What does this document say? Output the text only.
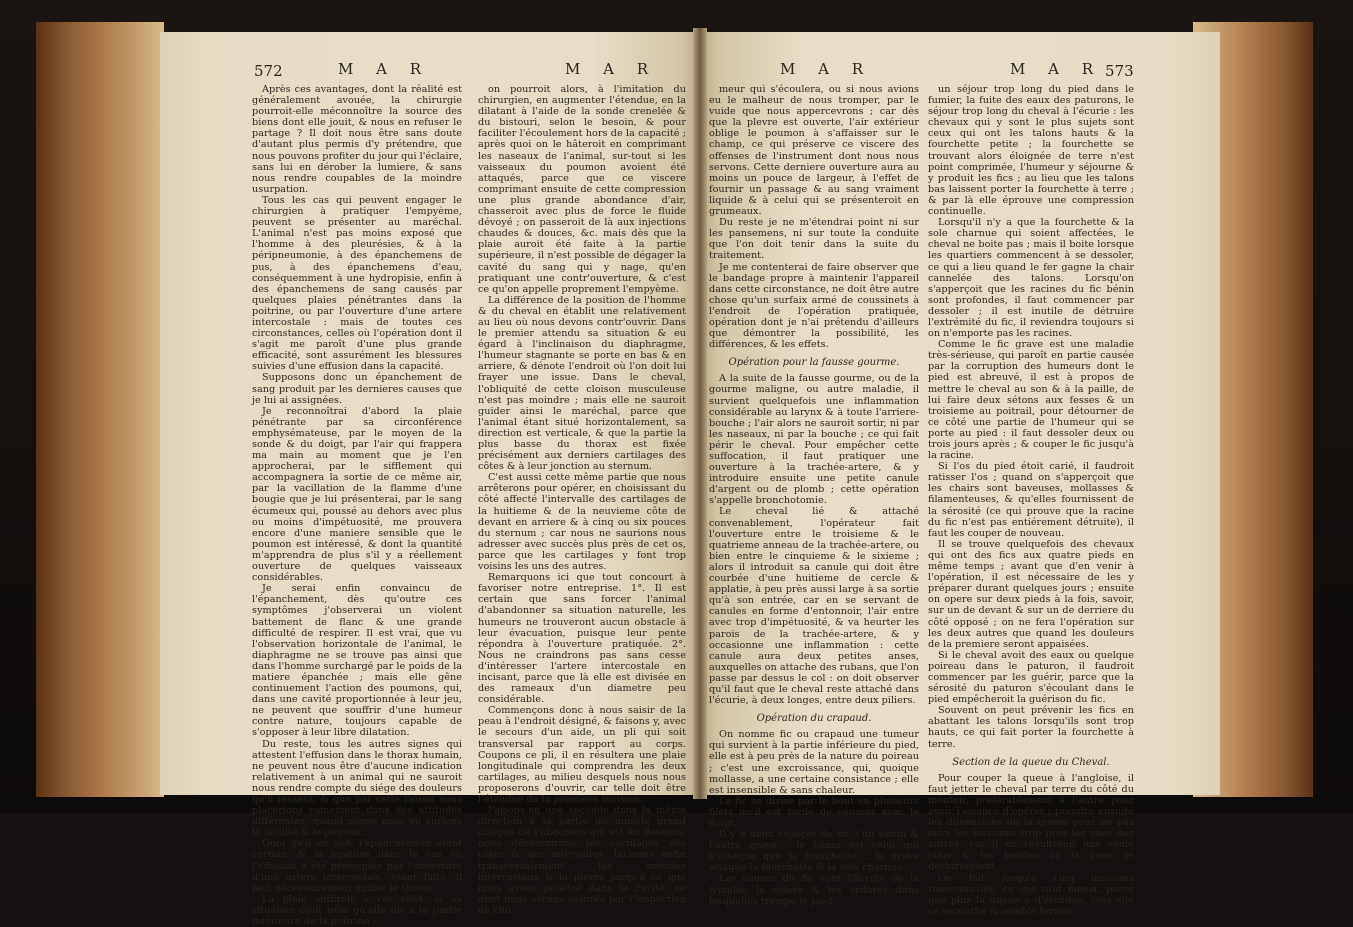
572	M A R	M A R	M A R	M A R 573

Après ces avantages, dont la réalité est généralement avouée, la chirurgie pourroit-elle méconnoître la source des biens dont elle jouit, & nous en refuser le partage ? Il doit nous être sans doute d'autant plus permis d'y prétendre, que nous pouvons profiter du jour qui l'éclaire, sans lui en dérober la lumiere, & sans nous rendre coupables de la moindre usurpation.

Tous les cas qui peuvent engager le chirurgien à pratiquer l'empyème, peuvent se présenter au maréchal. L'animal n'est pas moins exposé que l'homme à des pleurésies, & à la péripneumonie, à des épanchemens de pus, à des épanchemens d'eau, conséquemment à une hydropisie, enfin à des épanchemens de sang causés par quelques plaies pénétrantes dans la poitrine, ou par l'ouverture d'une artere intercostale : mais de toutes ces circonstances, celles où l'opération dont il s'agit me paroît d'une plus grande efficacité, sont assurément les blessures suivies d'une effusion dans la capacité.

Supposons donc un épanchement de sang produit par les dernieres causes que je lui ai assignées.

Je reconnoîtrai d'abord la plaie pénétrante par sa circonférence emphysémateuse, par le moyen de la sonde & du doigt, par l'air qui frappera ma main au moment que je l'en approcherai, par le sifflement qui accompagnera la sortie de ce même air, par la vacillation de la flamme d'une bougie que je lui présenterai, par le sang écumeux qui, poussé au dehors avec plus ou moins d'impétuosité, me prouvera encore d'une maniere sensible que le poumon est intéressé, & dont la quantité m'apprendra de plus s'il y a réellement ouverture de quelques vaisseaux considérables.

Je serai enfin convaincu de l'épanchement, dès qu'outre ces symptômes j'observerai un violent battement de flanc & une grande difficulté de respirer. Il est vrai, que vu l'observation horizontale de l'animal, le diaphragme ne se trouve pas ainsi que dans l'homme surchargé par le poids de la matiere épanchée ; mais elle gêne continuement l'action des poumons, qui, dans une cavité proportionnée à leur jeu, ne peuvent que souffrir d'une humeur contre nature, toujours capable de s'opposer à leur libre dilatation.

Du reste, tous les autres signes qui attestent l'effusion dans le thorax humain, ne peuvent nous être d'aucune indication relativement à un animal qui ne sauroit nous rendre compte du siége des douleurs qu'il ressent, & que par cette raison nous placerions vainement dans des attitudes différentes, quand même nous en aurions la facilité & le pouvoir.

Quoi qu'il en soit, l'épanchement étant certain, & la ligature dans le cas où l'effusion a été provoquée par l'ouverture d'une artere intercostale, étant faite, il faut nécessairement vuider le thorax.

La plaie suffiroit à cet effet, si sa situation étoit telle qu'elle fût à la partie inférieure de la poitrine ;

on pourroit alors, à l'imitation du chirurgien, en augmenter l'étendue, en la dilatant à l'aide de la sonde crenelée & du bistouri, selon le besoin, & pour faciliter l'écoulement hors de la capacité ; après quoi on le hâteroit en comprimant les naseaux de l'animal, sur-tout si les vaisseaux du poumon avoient été attaqués, parce que ce viscere comprimant ensuite de cette compression une plus grande abondance d'air, chasseroit avec plus de force le fluide dévoyé ; on passeroit de là aux injections chaudes & douces, &c. mais dès que la plaie auroit été faite à la partie supérieure, il n'est possible de dégager la cavité du sang qui y nage, qu'en pratiquant une contr'ouverture, & c'est ce qu'on appelle proprement l'empyème.

La différence de la position de l'homme & du cheval en établit une relativement au lieu où nous devons contr'ouvrir. Dans le premier attendu sa situation & eu égard à l'inclinaison du diaphragme, l'humeur stagnante se porte en bas & en arriere, & dénote l'endroit où l'on doit lui frayer une issue. Dans le cheval, l'obliquité de cette cloison musculeuse n'est pas moindre ; mais elle ne sauroit guider ainsi le maréchal, parce que l'animal étant situé horizontalement, sa direction est verticale, & que la partie la plus basse du thorax est fixée précisément aux derniers cartilages des côtes & à leur jonction au sternum.

C'est aussi cette même partie que nous arrêterons pour opérer, en choisissant du côté affecté l'intervalle des cartilages de la huitieme & de la neuvieme côte de devant en arriere & à cinq ou six pouces du sternum ; car nous ne saurions nous adresser avec succès plus près de cet os, parce que les cartilages y font trop voisins les uns des autres.

Remarquons ici que tout concourt à favoriser notre entreprise. 1°. Il est certain que sans forcer l'animal d'abandonner sa situation naturelle, les humeurs ne trouveront aucun obstacle à leur évacuation, puisque leur pente répondra à l'ouverture pratiquée. 2°. Nous ne craindrons pas sans cesse d'intéresser l'artere intercostale en incisant, parce que là elle est divisée en des rameaux d'un diametre peu considérable.

Commençons donc à nous saisir de la peau à l'endroit désigné, & faisons y, avec le secours d'un aide, un pli qui soit transversal par rapport au corps. Coupons ce pli, il en résultera une plaie longitudinale qui comprendra les deux cartilages, au milieu desquels nous nous proposerons d'ouvrir, car telle doit être l'étendue de la premiere incision.

Faisons-en une seconde dans la même direction à la partie du muscle grand oblique de l'abdomen qui est au dessous, nous découvrirons les cartilages des côtes & des intervalles. Incisons enfin transversalement les muscles intercostaux & la plevre jusqu'à ce que nous ayons pénétré dans la cavité, ce dont nous serons assurés par l'inspection de l'hu-

meur qui s'écoulera, ou si nous avions eu le malheur de nous tromper, par le vuide que nous appercevrons ; car dès que la plevre est ouverte, l'air extérieur oblige le poumon à s'affaisser sur le champ, ce qui préserve ce viscere des offenses de l'instrument dont nous nous servons. Cette derniere ouverture aura au moins un pouce de largeur, à l'effet de fournir un passage & au sang vraiment liquide & à celui qui se présenteroit en grumeaux.

Du reste je ne m'étendrai point ni sur les pansemens, ni sur toute la conduite que l'on doit tenir dans la suite du traitement.

Je me contenterai de faire observer que le bandage propre à maintenir l'appareil dans cette circonstance, ne doit être autre chose qu'un surfaix armé de coussinets à l'endroit de l'opération pratiquée, opération dont je n'ai prétendu d'ailleurs que démontrer la possibilité, les différences, & les effets.

Opération pour la fausse gourme.

A la suite de la fausse gourme, ou de la gourme maligne, ou autre maladie, il survient quelquefois une inflammation considérable au larynx & à toute l'arriere-bouche ; l'air alors ne sauroit sortir, ni par les naseaux, ni par la bouche ; ce qui fait périr le cheval. Pour empêcher cette suffocation, il faut pratiquer une ouverture à la trachée-artere, & y introduire ensuite une petite canule d'argent ou de plomb ; cette opération s'appelle bronchotomie.

Le cheval lié & attaché convenablement, l'opérateur fait l'ouverture entre le troisieme & le quatrieme anneau de la trachée-artere, ou bien entre le cinquieme & le sixieme ; alors il introduit sa canule qui doit être courbée d'une huitieme de cercle & applatie, à peu près aussi large à sa sortie qu'à son entrée, car en se servant de canules en forme d'entonnoir, l'air entre avec trop d'impétuosité, & va heurter les parois de la trachée-artere, & y occasionne une inflammation : cette canule aura deux petites anses, auxquelles on attache des rubans, que l'on passe par dessus le col : on doit observer qu'il faut que le cheval reste attaché dans l'écurie, à deux longes, entre deux piliers.

Opération du crapaud.

On nomme fic ou crapaud une tumeur qui survient à la partie inférieure du pied, elle est à peu près de la nature du poireau ; c'est une excroissance, qui, quoique mollasse, a une certaine consistance ; elle est insensible & sans chaleur.

Le fic se divise par le bout en plusieurs filets qu'il est facile de séparer avec le doigt.

Il y a deux especes de fic, l'un bénin & l'autre grave : le bénin est celui qui n'attaque que la fourchette ; le grave attaque la fourchette & la sole charnue.

Les causes du fic sont l'âcreté de la lymphe, la colere & les ordures dans lesquelles trempe le pied,

un séjour trop long du pied dans le fumier, la fuite des eaux des paturons, le séjour trop long du cheval à l'écurie : les chevaux qui y sont le plus sujets sont ceux qui ont les talons hauts & la fourchette petite ; la fourchette se trouvant alors éloignée de terre n'est point comprimée, l'humeur y séjourne & y produit les fics ; au lieu que les talons bas laissent porter la fourchette à terre ; & par là elle éprouve une compression continuelle.

Lorsqu'il n'y a que la fourchette & la sole charnue qui soient affectées, le cheval ne boite pas ; mais il boite lorsque les quartiers commencent à se dessoler, ce qui a lieu quand le fer gagne la chair cannelée des talons. Lorsqu'on s'apperçoit que les racines du fic bénin sont profondes, il faut commencer par dessoler ; il est inutile de détruire l'extrémité du fic, il reviendra toujours si on n'emporte pas les racines.

Comme le fic grave est une maladie très-sérieuse, qui paroît en partie causée par la corruption des humeurs dont le pied est abreuvé, il est à propos de mettre le cheval au son & à la paille, de lui faire deux sétons aux fesses & un troisieme au poitrail, pour détourner de ce côté une partie de l'humeur qui se porte au pied : il faut dessoler deux ou trois jours après ; & couper le fic jusqu'à la racine.

Si l'os du pied étoit carié, il faudroit ratisser l'os ; quand on s'apperçoit que les chairs sont baveuses, mollasses & filamenteuses, & qu'elles fournissent de la sérosité (ce qui prouve que la racine du fic n'est pas entiérement détruite), il faut les couper de nouveau.

Il se trouve quelquefois des chevaux qui ont des fics aux quatre pieds en même temps ; avant que d'en venir à l'opération, il est nécessaire de les y préparer durant quelques jours ; ensuite on opere sur deux pieds à la fois, savoir, sur un de devant & sur un de derriere du côté opposé ; on ne fera l'opération sur les deux autres que quand les douleurs de la premiere seront appaisées.

Si le cheval avoit des eaux ou quelque poireau dans le paturon, il faudroit commencer par les guérir, parce que la sérosité du paturon s'écoulant dans le pied empêcheroit la guérison du fic.

Souvent on peut prévenir les fics en abattant les talons lorsqu'ils sont trop hauts, ce qui fait porter la fourchette à terre.

Section de la queue du Cheval.

Pour couper la queue à l'angloise, il faut jetter le cheval par terre du côté du montoir, préférablement à l'autre pour avoir l'aisance d'opérer ; prendre ensuite les dimensions de la queue pour ne pas faire les incisions trop près les unes des autres, car il en résulteroit une seule plaie & les bandes de la peau se déchireroient.

On fait jusqu'à cinq incisions transversales, ce qui vaut mieux, parce que plus la queue a d'étendue, plus elle se secourbe & semble former
